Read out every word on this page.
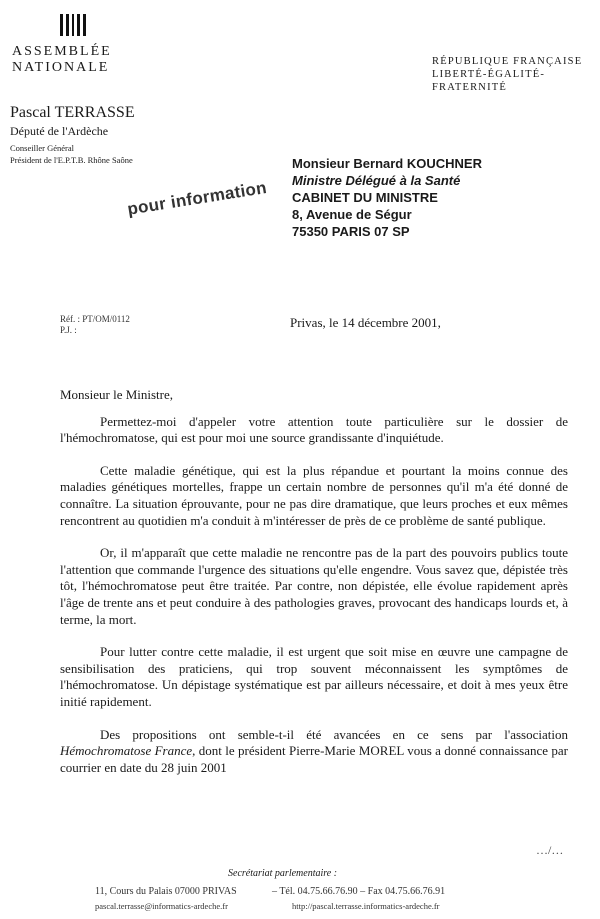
ASSEMBLÉE
NATIONALE	RÉPUBLIQUE FRANÇAISE
LIBERTÉ-ÉGALITÉ-FRATERNITÉ
Pascal TERRASSE
Député de l'Ardèche
Conseiller Général
Président de l'E.P.T.B. Rhône Saône	Monsieur Bernard KOUCHNER
Ministre Délégué à la Santé
CABINET DU MINISTRE
8, Avenue de Ségur
75350 PARIS 07 SP
pour information
Réf. : PT/OM/0112
P.J. :	Privas, le 14 décembre 2001,

Monsieur le Ministre,

Permettez-moi d'appeler votre attention toute particulière sur le dossier de l'hémochromatose, qui est pour moi une source grandissante d'inquiétude.

Cette maladie génétique, qui est la plus répandue et pourtant la moins connue des maladies génétiques mortelles, frappe un certain nombre de personnes qu'il m'a été donné de connaître. La situation éprouvante, pour ne pas dire dramatique, que leurs proches et eux mêmes rencontrent au quotidien m'a conduit à m'intéresser de près de ce problème de santé publique.

Or, il m'apparaît que cette maladie ne rencontre pas de la part des pouvoirs publics toute l'attention que commande l'urgence des situations qu'elle engendre. Vous savez que, dépistée très tôt, l'hémochromatose peut être traitée. Par contre, non dépistée, elle évolue rapidement après l'âge de trente ans et peut conduire à des pathologies graves, provocant des handicaps lourds et, à terme, la mort.

Pour lutter contre cette maladie, il est urgent que soit mise en œuvre une campagne de sensibilisation des praticiens, qui trop souvent méconnaissent les symptômes de l'hémochromatose. Un dépistage systématique est par ailleurs nécessaire, et doit à mes yeux être initié rapidement.

Des propositions ont semble-t-il été avancées en ce sens par l'association Hémochromatose France, dont le président Pierre-Marie MOREL vous a donné connaissance par courrier en date du 28 juin 2001

…/…
Secrétariat parlementaire :
11, Cours du Palais 07000 PRIVAS	– Tél. 04.75.66.76.90 – Fax 04.75.66.76.91
pascal.terrasse@informatics-ardeche.fr	http://pascal.terrasse.informatics-ardeche.fr
